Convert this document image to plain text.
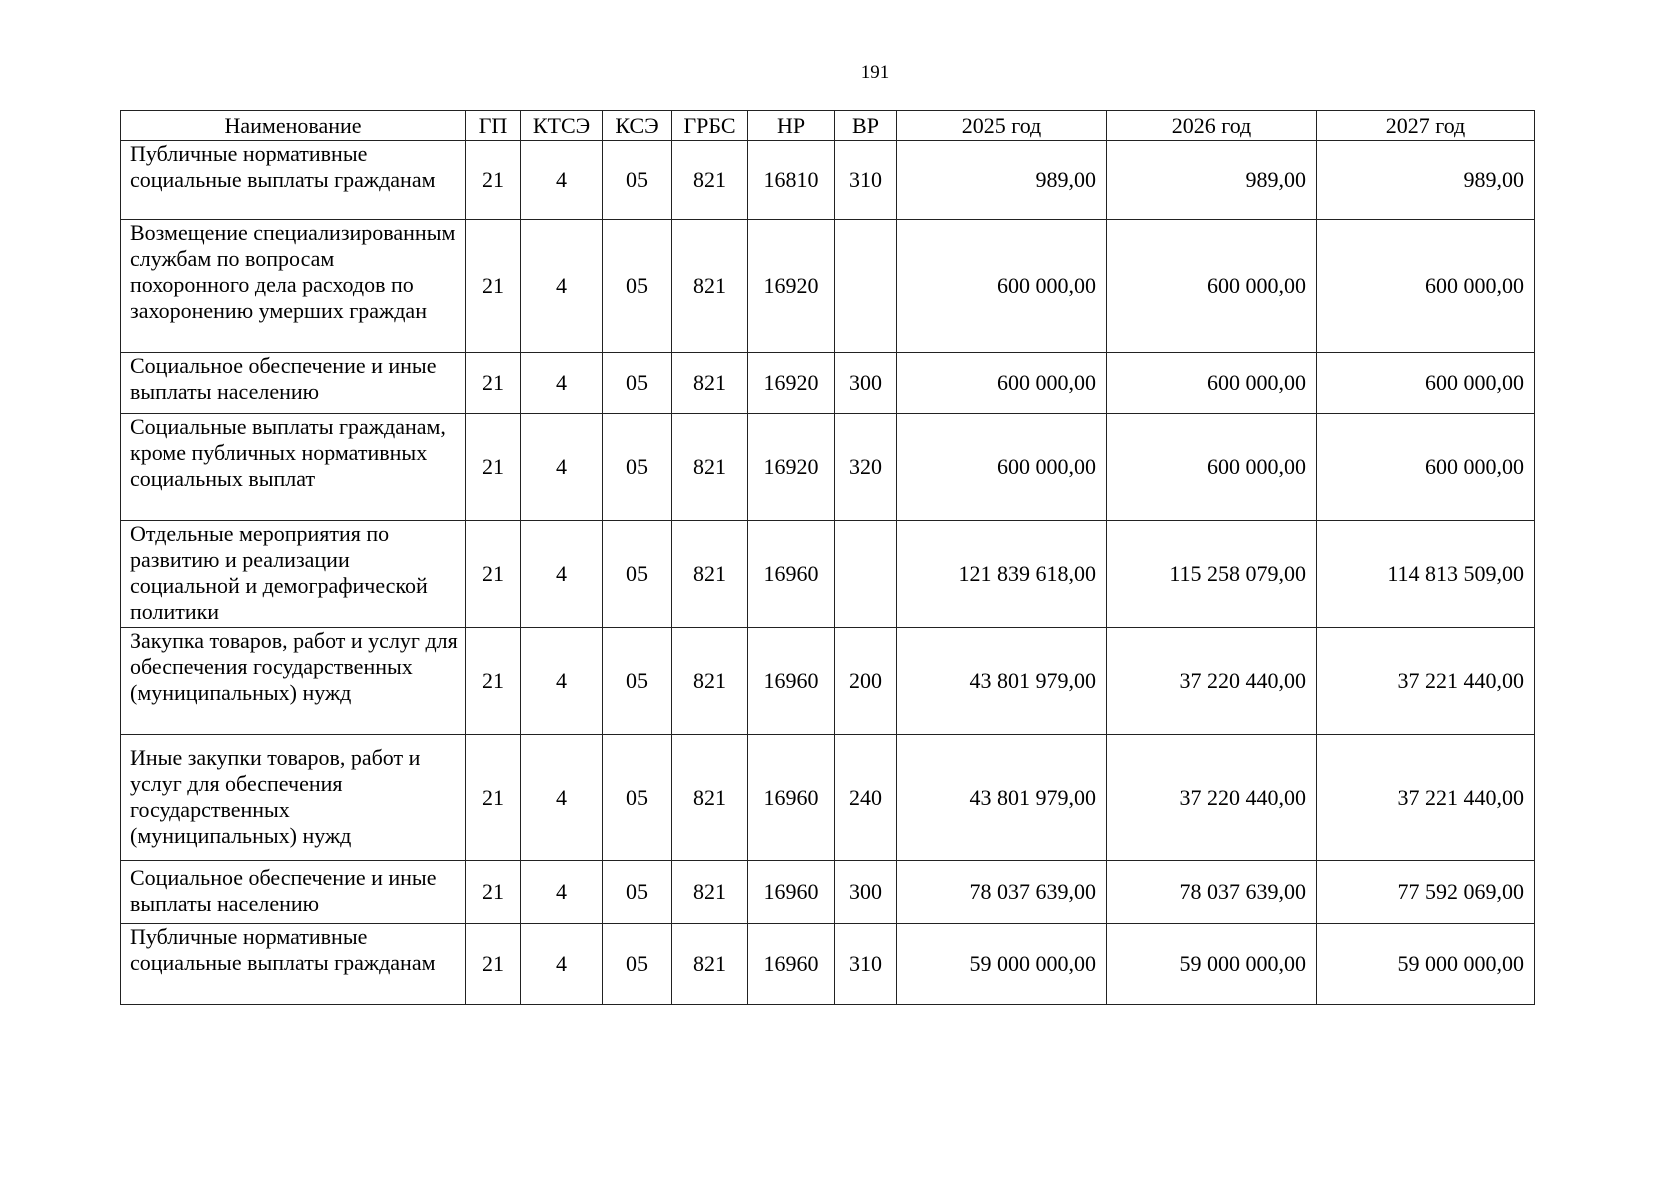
191
Наименование	ГП	КТСЭ	КСЭ	ГРБС	НР	ВР	2025 год	2026 год	2027 год
Публичные нормативные социальные выплаты гражданам	21	4	05	821	16810	310	989,00	989,00	989,00
Возмещение специализированным службам по вопросам похоронного дела расходов по захоронению умерших граждан	21	4	05	821	16920		600 000,00	600 000,00	600 000,00
Социальное обеспечение и иные выплаты населению	21	4	05	821	16920	300	600 000,00	600 000,00	600 000,00
Социальные выплаты гражданам, кроме публичных нормативных социальных выплат	21	4	05	821	16920	320	600 000,00	600 000,00	600 000,00
Отдельные мероприятия по развитию и реализации социальной и демографической политики	21	4	05	821	16960		121 839 618,00	115 258 079,00	114 813 509,00
Закупка товаров, работ и услуг для обеспечения государственных (муниципальных) нужд	21	4	05	821	16960	200	43 801 979,00	37 220 440,00	37 221 440,00
Иные закупки товаров, работ и услуг для обеспечения государственных (муниципальных) нужд	21	4	05	821	16960	240	43 801 979,00	37 220 440,00	37 221 440,00
Социальное обеспечение и иные выплаты населению	21	4	05	821	16960	300	78 037 639,00	78 037 639,00	77 592 069,00
Публичные нормативные социальные выплаты гражданам	21	4	05	821	16960	310	59 000 000,00	59 000 000,00	59 000 000,00
